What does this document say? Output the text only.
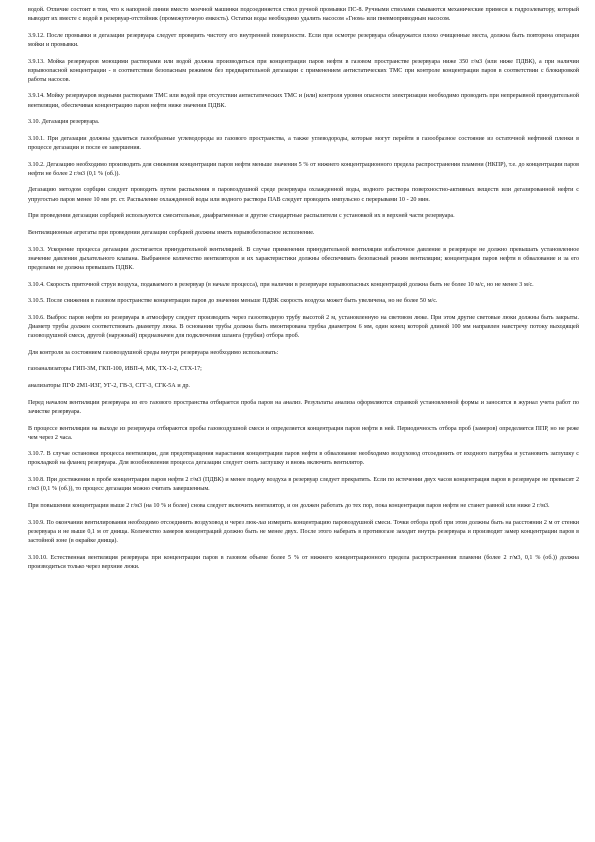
водой. Отличие состоит в том, что к напорной линии вместо моечной машинки подсоединяется ствол ручной промывки ПС-8. Ручными стволами смываются механические примеси к гидроэлеватору, который выводит их вместе с водой в резервуар-отстойник (промежуточную емкость). Остатки воды необходимо удалить насосом «Гном» или пневмоприводным насосом.

3.9.12. После промывки и дегазации резервуара следует проверить чистоту его внутренней поверхности. Если при осмотре резервуара обнаружатся плохо очищенные места, должна быть повторена операция мойки и промывки.

3.9.13. Мойка резервуаров моющими растворами или водой должна производиться при концентрации паров нефти в газовом пространстве резервуара ниже 350 г/м3 (или ниже ПДВК), а при наличии взрывоопасной концентрации - в соответствии безопасным режимом без предварительной дегазации с применением антистатических ТМС при контроле концентрации паров в соответствии с блокировкой работы насосов.

3.9.14. Мойку резервуаров водными растворами ТМС или водой при отсутствии антистатических ТМС и (или) контроля уровня опасности электризации необходимо проводить при непрерывной принудительной вентиляции, обеспечивая концентрацию паров нефти ниже значения ПДВК.

3.10. Дегазация резервуара.

3.10.1. При дегазации должны удаляться газообразные углеводороды из газового пространства, а также углеводороды, которые могут перейти в газообразное состояние из остаточной нефтяной пленки в процессе дегазации и после ее завершения.

3.10.2. Дегазацию необходимо производить для снижения концентрации паров нефти меньше значения 5 % от нижнего концентрационного предела распространения пламени (НКПР), т.е. до концентрации паров нефти не более 2 г/м3 (0,1 % (об.)).

Дегазацию методом сорбции следует проводить путем распыления в паровоздушной среде резервуара охлажденной воды, водного раствора поверхностно-активных веществ или дегазированной нефти с упругостью паров менее 10 мм рт. ст. Распыление охлажденной воды или водного раствора ПАВ следует проводить импульсно с перерывами 10 - 20 мин.

При проведении дегазации сорбцией используются смесительные, диафрагменные и другие стандартные распылители с установкой их в верхней части резервуара.

Вентиляционные агрегаты при проведении дегазации сорбцией должны иметь взрывобезопасное исполнение.

3.10.3. Ускорение процесса дегазации достигается принудительной вентиляцией. В случае применения принудительной вентиляции избыточное давление в резервуаре не должно превышать установленное значение давления дыхательного клапана. Выбранное количество вентиляторов и их характеристики должны обеспечивать безопасный режим вентиляции; концентрация паров нефти в обвалование и за его пределами не должна превышать ПДВК.

3.10.4. Скорость приточной струи воздуха, подаваемого в резервуар (в начале процесса), при наличии в резервуаре взрывоопасных концентраций должна быть не более 10 м/с, но не менее 3 м/с.

3.10.5. После снижения в газовом пространстве концентрации паров до значения меньше ПДВК скорость воздуха может быть увеличена, но не более 50 м/с.

3.10.6. Выброс паров нефти из резервуара в атмосферу следует производить через газоотводную трубу высотой 2 м, установленную на световом люке. При этом другие световые люки должны быть закрыты. Диаметр трубы должен соответствовать диаметру люка. В основании трубы должна быть вмонтирована трубка диаметром 6 мм, один конец которой длиной 100 мм направлен навстречу потоку выходящей газовоздушной смеси, другой (наружный) предназначен для подключения шланга (трубки) отбора проб.

Для контроля за состоянием газовоздушной среды внутри резервуара необходимо использовать:

газоанализаторы ГИП-3М, ГКП-100, ИВП-4, МК, ТХ-1-2, СТХ-17;

анализаторы ПГФ 2М1-ИЗГ, УГ-2, ГВ-3, СГГ-3, СГК-5А и др.

Перед началом вентиляции резервуара из его газового пространства отбирается проба паров на анализ. Результаты анализа оформляются справкой установленной формы и заносятся в журнал учета работ по зачистке резервуара.

В процессе вентиляции на выходе из резервуара отбираются пробы газовоздушной смеси и определяется концентрация паров нефти в ней. Периодичность отбора проб (замеров) определяется ППР, но не реже чем через 2 часа.

3.10.7. В случае остановки процесса вентиляции, для предотвращения нарастания концентрации паров нефти в обвалование необходимо воздуховод отсоединить от входного патрубка и установить заглушку с прокладкой на фланец резервуара. Для возобновления процесса дегазации следует снять заглушку и вновь включить вентилятор.

3.10.8. При достижении в пробе концентрации паров нефти 2 г/м3 (ПДВК) и менее подачу воздуха в резервуар следует прекратить. Если по истечении двух часов концентрация паров в резервуаре не превысит 2 г/м3 (0,1 % (об.)), то процесс дегазации можно считать завершенным.

При повышении концентрации выше 2 г/м3 (на 10 % и более) снова следует включить вентилятор, и он должен работать до тех пор, пока концентрация паров нефти не станет равной или ниже 2 г/м3.

3.10.9. По окончании вентилирования необходимо отсоединить воздуховод и через люк-лаз измерить концентрацию паровоздушной смеси. Точки отбора проб при этом должны быть на расстоянии 2 м от стенки резервуара и не выше 0,1 м от днища. Количество замеров концентраций должно быть не менее двух. После этого наберать в противогазе заходит внутрь резервуара и производит замер концентрации паров в застойной зоне (в окрайке днища).

3.10.10. Естественная вентиляция резервуара при концентрации паров в газовом объеме более 5 % от нижнего концентрационного предела распространения пламени (более 2 г/м3, 0,1 % (об.)) должна производиться только через верхние люки.
